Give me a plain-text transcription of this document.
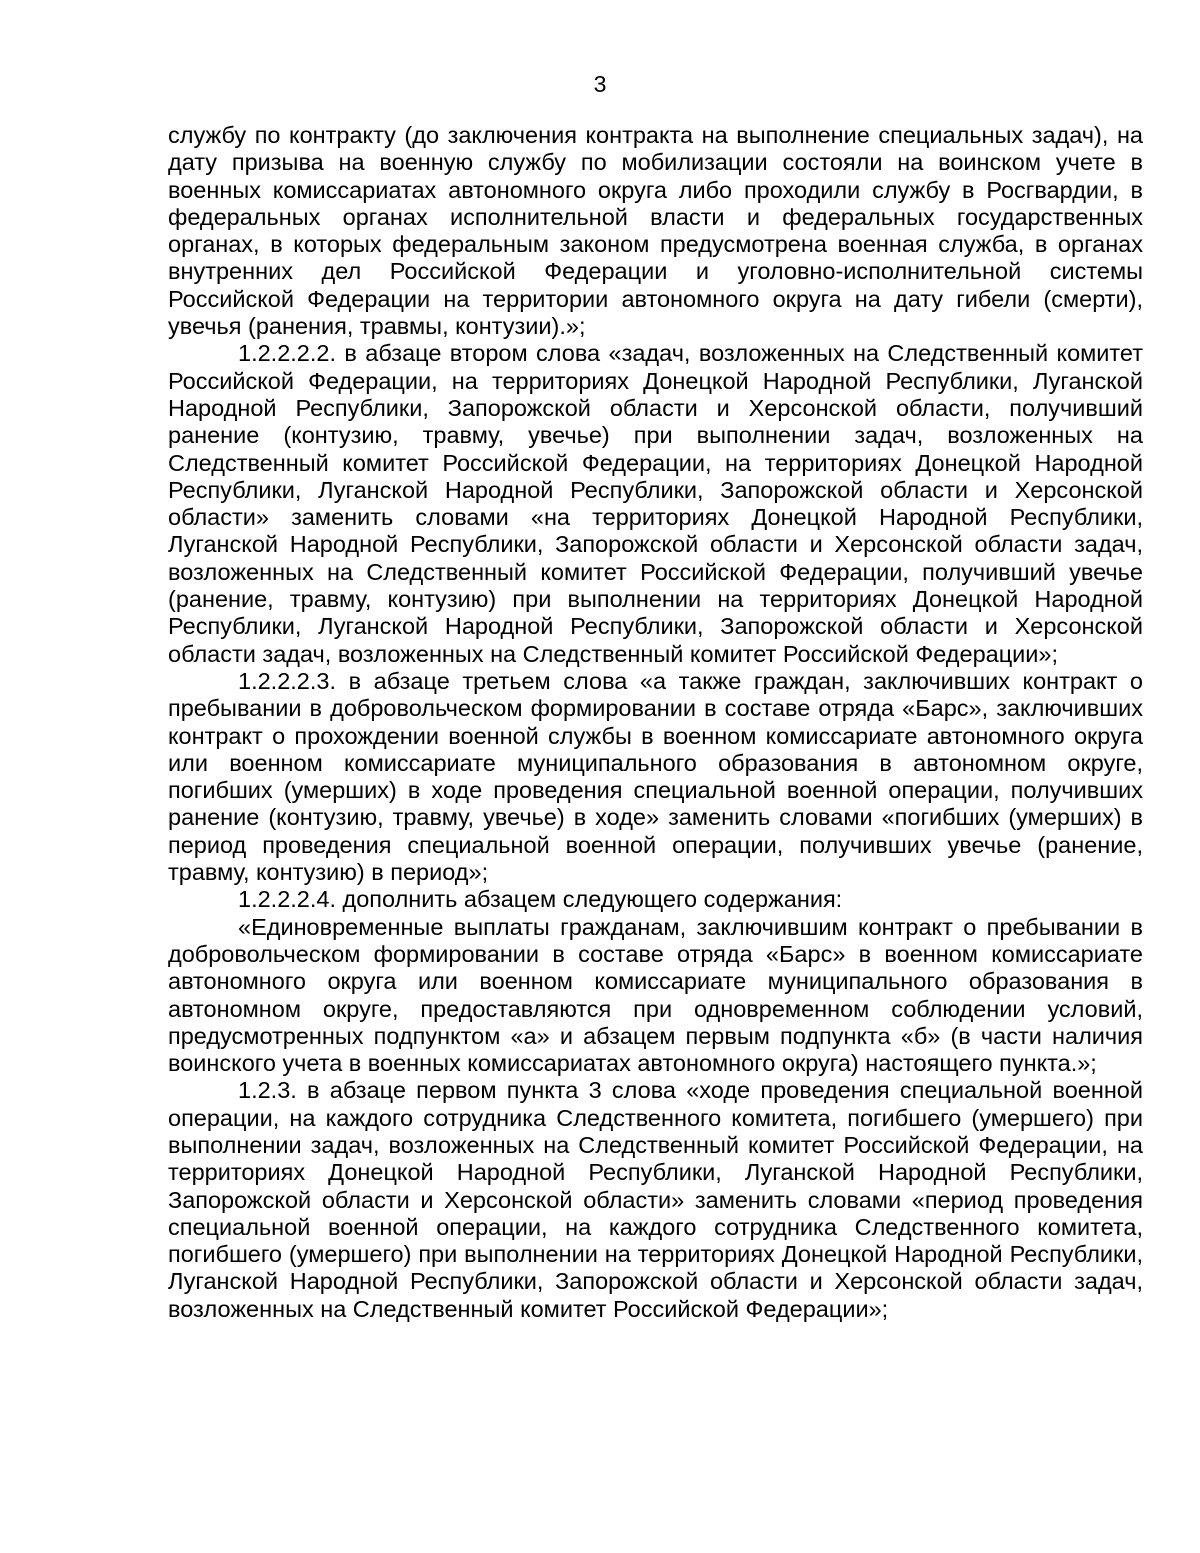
3

службу по контракту (до заключения контракта на выполнение специальных задач), на дату призыва на военную службу по мобилизации состояли на воинском учете в военных комиссариатах автономного округа либо проходили службу в Росгвардии, в федеральных органах исполнительной власти и федеральных государственных органах, в которых федеральным законом предусмотрена военная служба, в органах внутренних дел Российской Федерации и уголовно-исполнительной системы Российской Федерации на территории автономного округа на дату гибели (смерти), увечья (ранения, травмы, контузии).»;

1.2.2.2.2. в абзаце втором слова «задач, возложенных на Следственный комитет Российской Федерации, на территориях Донецкой Народной Республики, Луганской Народной Республики, Запорожской области и Херсонской области, получивший ранение (контузию, травму, увечье) при выполнении задач, возложенных на Следственный комитет Российской Федерации, на территориях Донецкой Народной Республики, Луганской Народной Республики, Запорожской области и Херсонской области» заменить словами «на территориях Донецкой Народной Республики, Луганской Народной Республики, Запорожской области и Херсонской области задач, возложенных на Следственный комитет Российской Федерации, получивший увечье (ранение, травму, контузию) при выполнении на территориях Донецкой Народной Республики, Луганской Народной Республики, Запорожской области и Херсонской области задач, возложенных на Следственный комитет Российской Федерации»;

1.2.2.2.3. в абзаце третьем слова «а также граждан, заключивших контракт о пребывании в добровольческом формировании в составе отряда «Барс», заключивших контракт о прохождении военной службы в военном комиссариате автономного округа или военном комиссариате муниципального образования в автономном округе, погибших (умерших) в ходе проведения специальной военной операции, получивших ранение (контузию, травму, увечье) в ходе» заменить словами «погибших (умерших) в период проведения специальной военной операции, получивших увечье (ранение, травму, контузию) в период»;

1.2.2.2.4. дополнить абзацем следующего содержания:

«Единовременные выплаты гражданам, заключившим контракт о пребывании в добровольческом формировании в составе отряда «Барс» в военном комиссариате автономного округа или военном комиссариате муниципального образования в автономном округе, предоставляются при одновременном соблюдении условий, предусмотренных подпунктом «а» и абзацем первым подпункта «б» (в части наличия воинского учета в военных комиссариатах автономного округа) настоящего пункта.»;

1.2.3. в абзаце первом пункта 3 слова «ходе проведения специальной военной операции, на каждого сотрудника Следственного комитета, погибшего (умершего) при выполнении задач, возложенных на Следственный комитет Российской Федерации, на территориях Донецкой Народной Республики, Луганской Народной Республики, Запорожской области и Херсонской области» заменить словами «период проведения специальной военной операции, на каждого сотрудника Следственного комитета, погибшего (умершего) при выполнении на территориях Донецкой Народной Республики, Луганской Народной Республики, Запорожской области и Херсонской области задач, возложенных на Следственный комитет Российской Федерации»;
